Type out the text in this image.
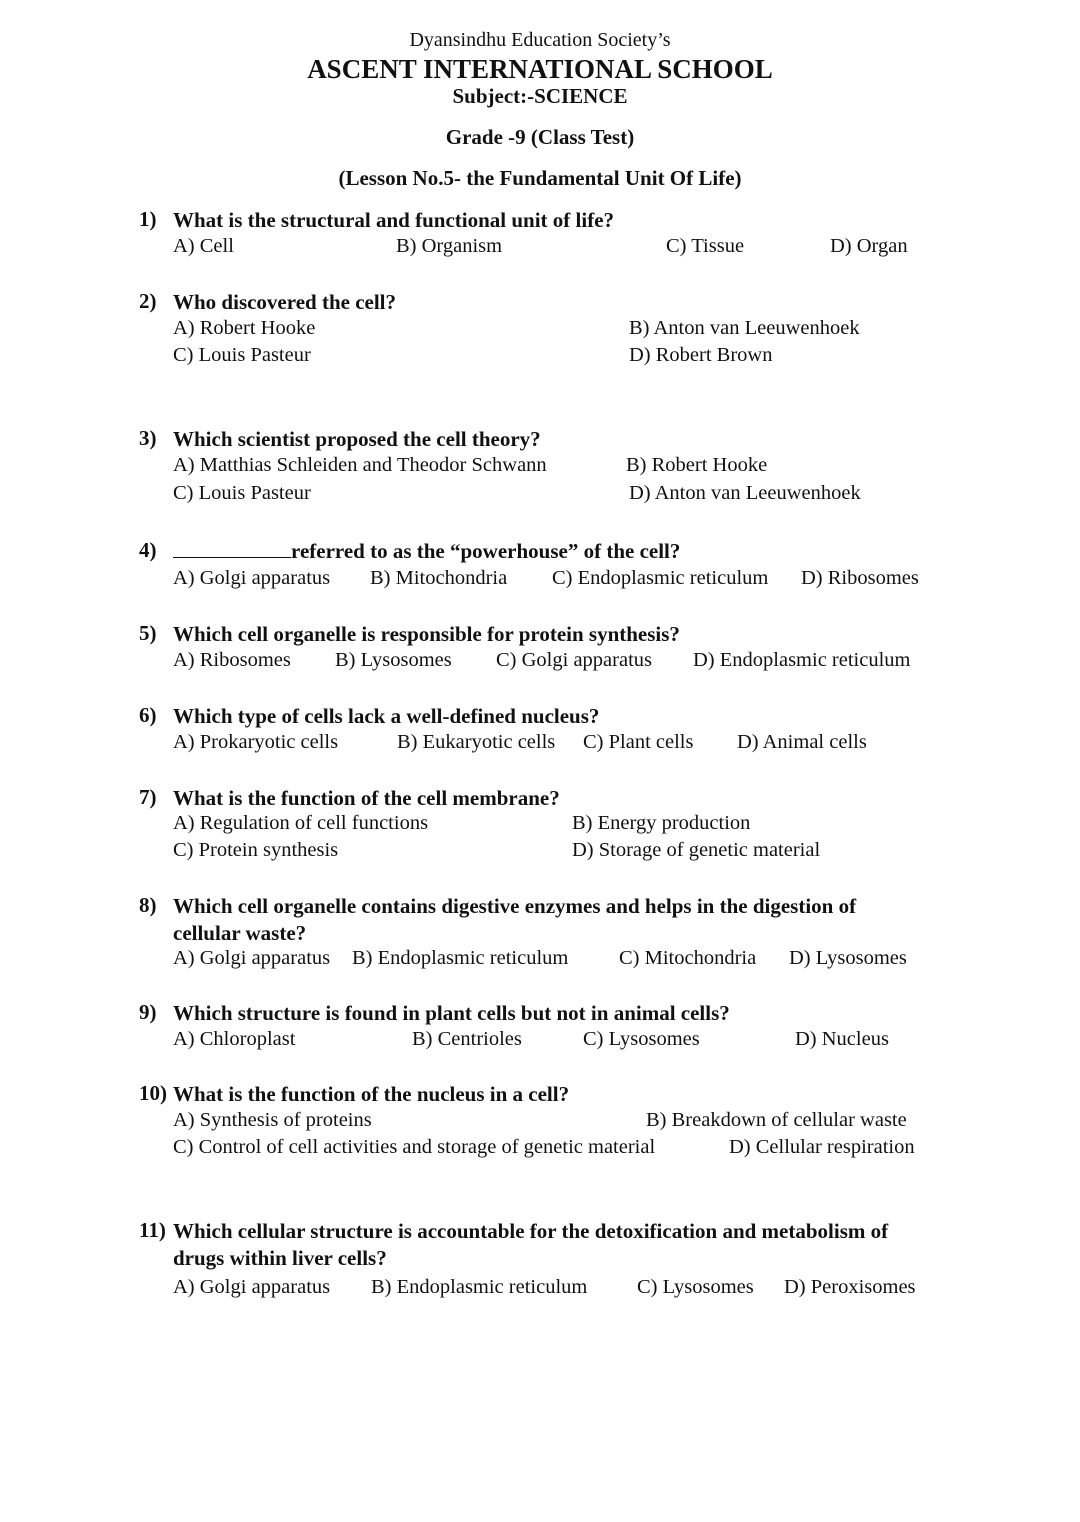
Dyansindhu Education Society’s
ASCENT INTERNATIONAL SCHOOL
Subject:-SCIENCE
Grade -9 (Class Test)
(Lesson No.5- the Fundamental Unit Of Life)
1) What is the structural and functional unit of life?
A) Cell	B) Organism	C) Tissue	D) Organ
2) Who discovered the cell?
A) Robert Hooke	B) Anton van Leeuwenhoek
C) Louis Pasteur	D) Robert Brown
3) Which scientist proposed the cell theory?
A) Matthias Schleiden and Theodor Schwann	B) Robert Hooke
C) Louis Pasteur	D) Anton van Leeuwenhoek
4)	referred to as the “powerhouse” of the cell?
A) Golgi apparatus B) Mitochondria C) Endoplasmic reticulum D) Ribosomes
5) Which cell organelle is responsible for protein synthesis?
A) Ribosomes B) Lysosomes C) Golgi apparatus D) Endoplasmic reticulum
6) Which type of cells lack a well-defined nucleus?
A) Prokaryotic cells	B) Eukaryotic cells C) Plant cells D) Animal cells
7) What is the function of the cell membrane?
A) Regulation of cell functions	B) Energy production
C) Protein synthesis	D) Storage of genetic material
8) Which cell organelle contains digestive enzymes and helps in the digestion of cellular waste?
A) Golgi apparatus B) Endoplasmic reticulum C) Mitochondria D) Lysosomes
9) Which structure is found in plant cells but not in animal cells?
A) Chloroplast	B) Centrioles	C) Lysosomes	D) Nucleus
10) What is the function of the nucleus in a cell?
A) Synthesis of proteins	B) Breakdown of cellular waste
C) Control of cell activities and storage of genetic material	D) Cellular respiration
11) Which cellular structure is accountable for the detoxification and metabolism of drugs within liver cells?
A) Golgi apparatus B) Endoplasmic reticulum C) Lysosomes D) Peroxisomes
